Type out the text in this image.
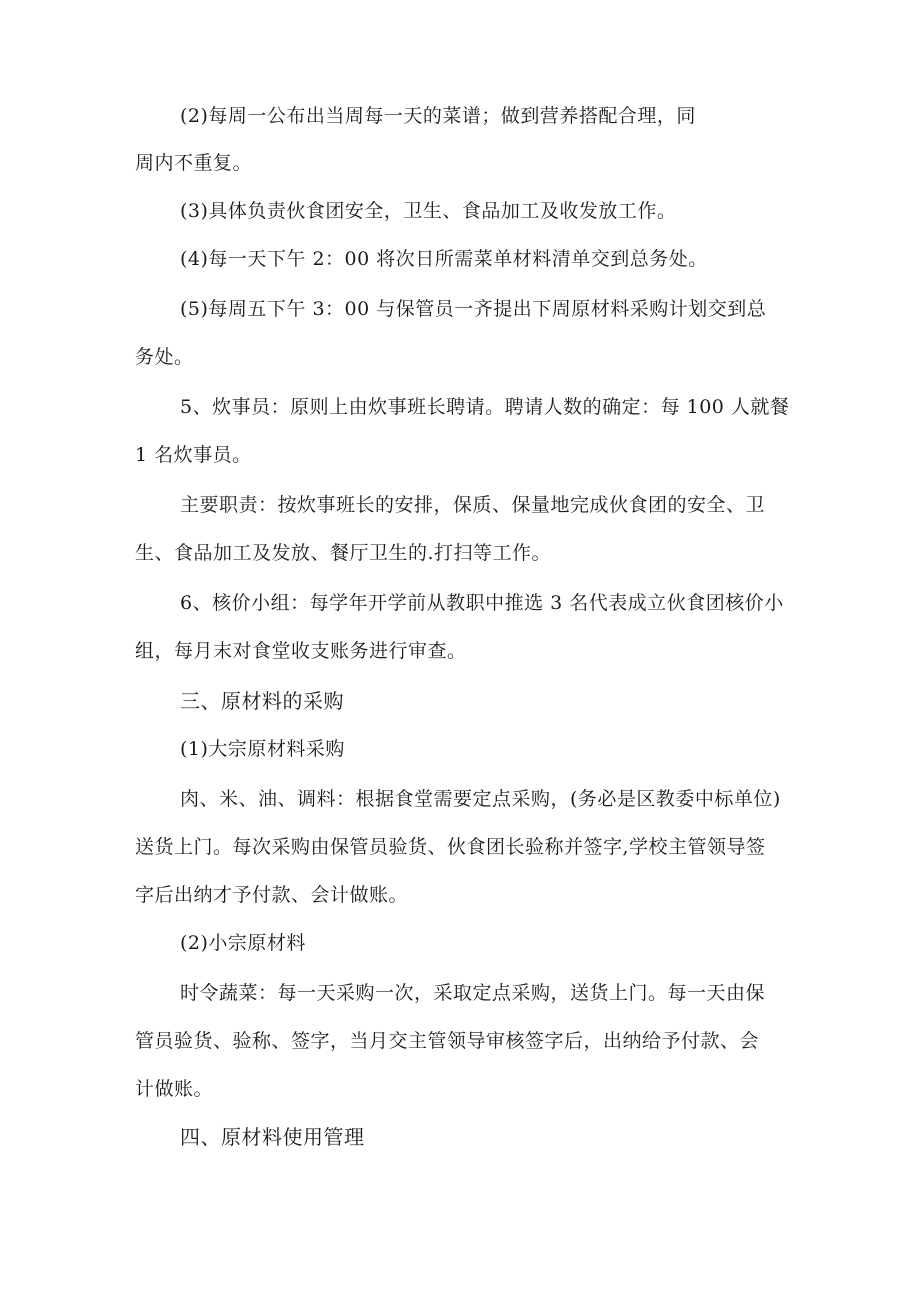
(2)每周一公布出当周每一天的菜谱；做到营养搭配合理，同
周内不重复。
(3)具体负责伙食团安全，卫生、食品加工及收发放工作。
(4)每一天下午 2：00 将次日所需菜单材料清单交到总务处。
(5)每周五下午 3：00 与保管员一齐提出下周原材料采购计划交到总
务处。
5、炊事员：原则上由炊事班长聘请。聘请人数的确定：每 100 人就餐
1 名炊事员。
主要职责：按炊事班长的安排，保质、保量地完成伙食团的安全、卫
生、食品加工及发放、餐厅卫生的.打扫等工作。
6、核价小组：每学年开学前从教职中推选 3 名代表成立伙食团核价小
组，每月末对食堂收支账务进行审查。
三、原材料的采购
(1)大宗原材料采购
肉、米、油、调料：根据食堂需要定点采购，(务必是区教委中标单位)
送货上门。每次采购由保管员验货、伙食团长验称并签字,学校主管领导签
字后出纳才予付款、会计做账。
(2)小宗原材料
时令蔬菜：每一天采购一次，采取定点采购，送货上门。每一天由保
管员验货、验称、签字，当月交主管领导审核签字后，出纳给予付款、会
计做账。
四、原材料使用管理
